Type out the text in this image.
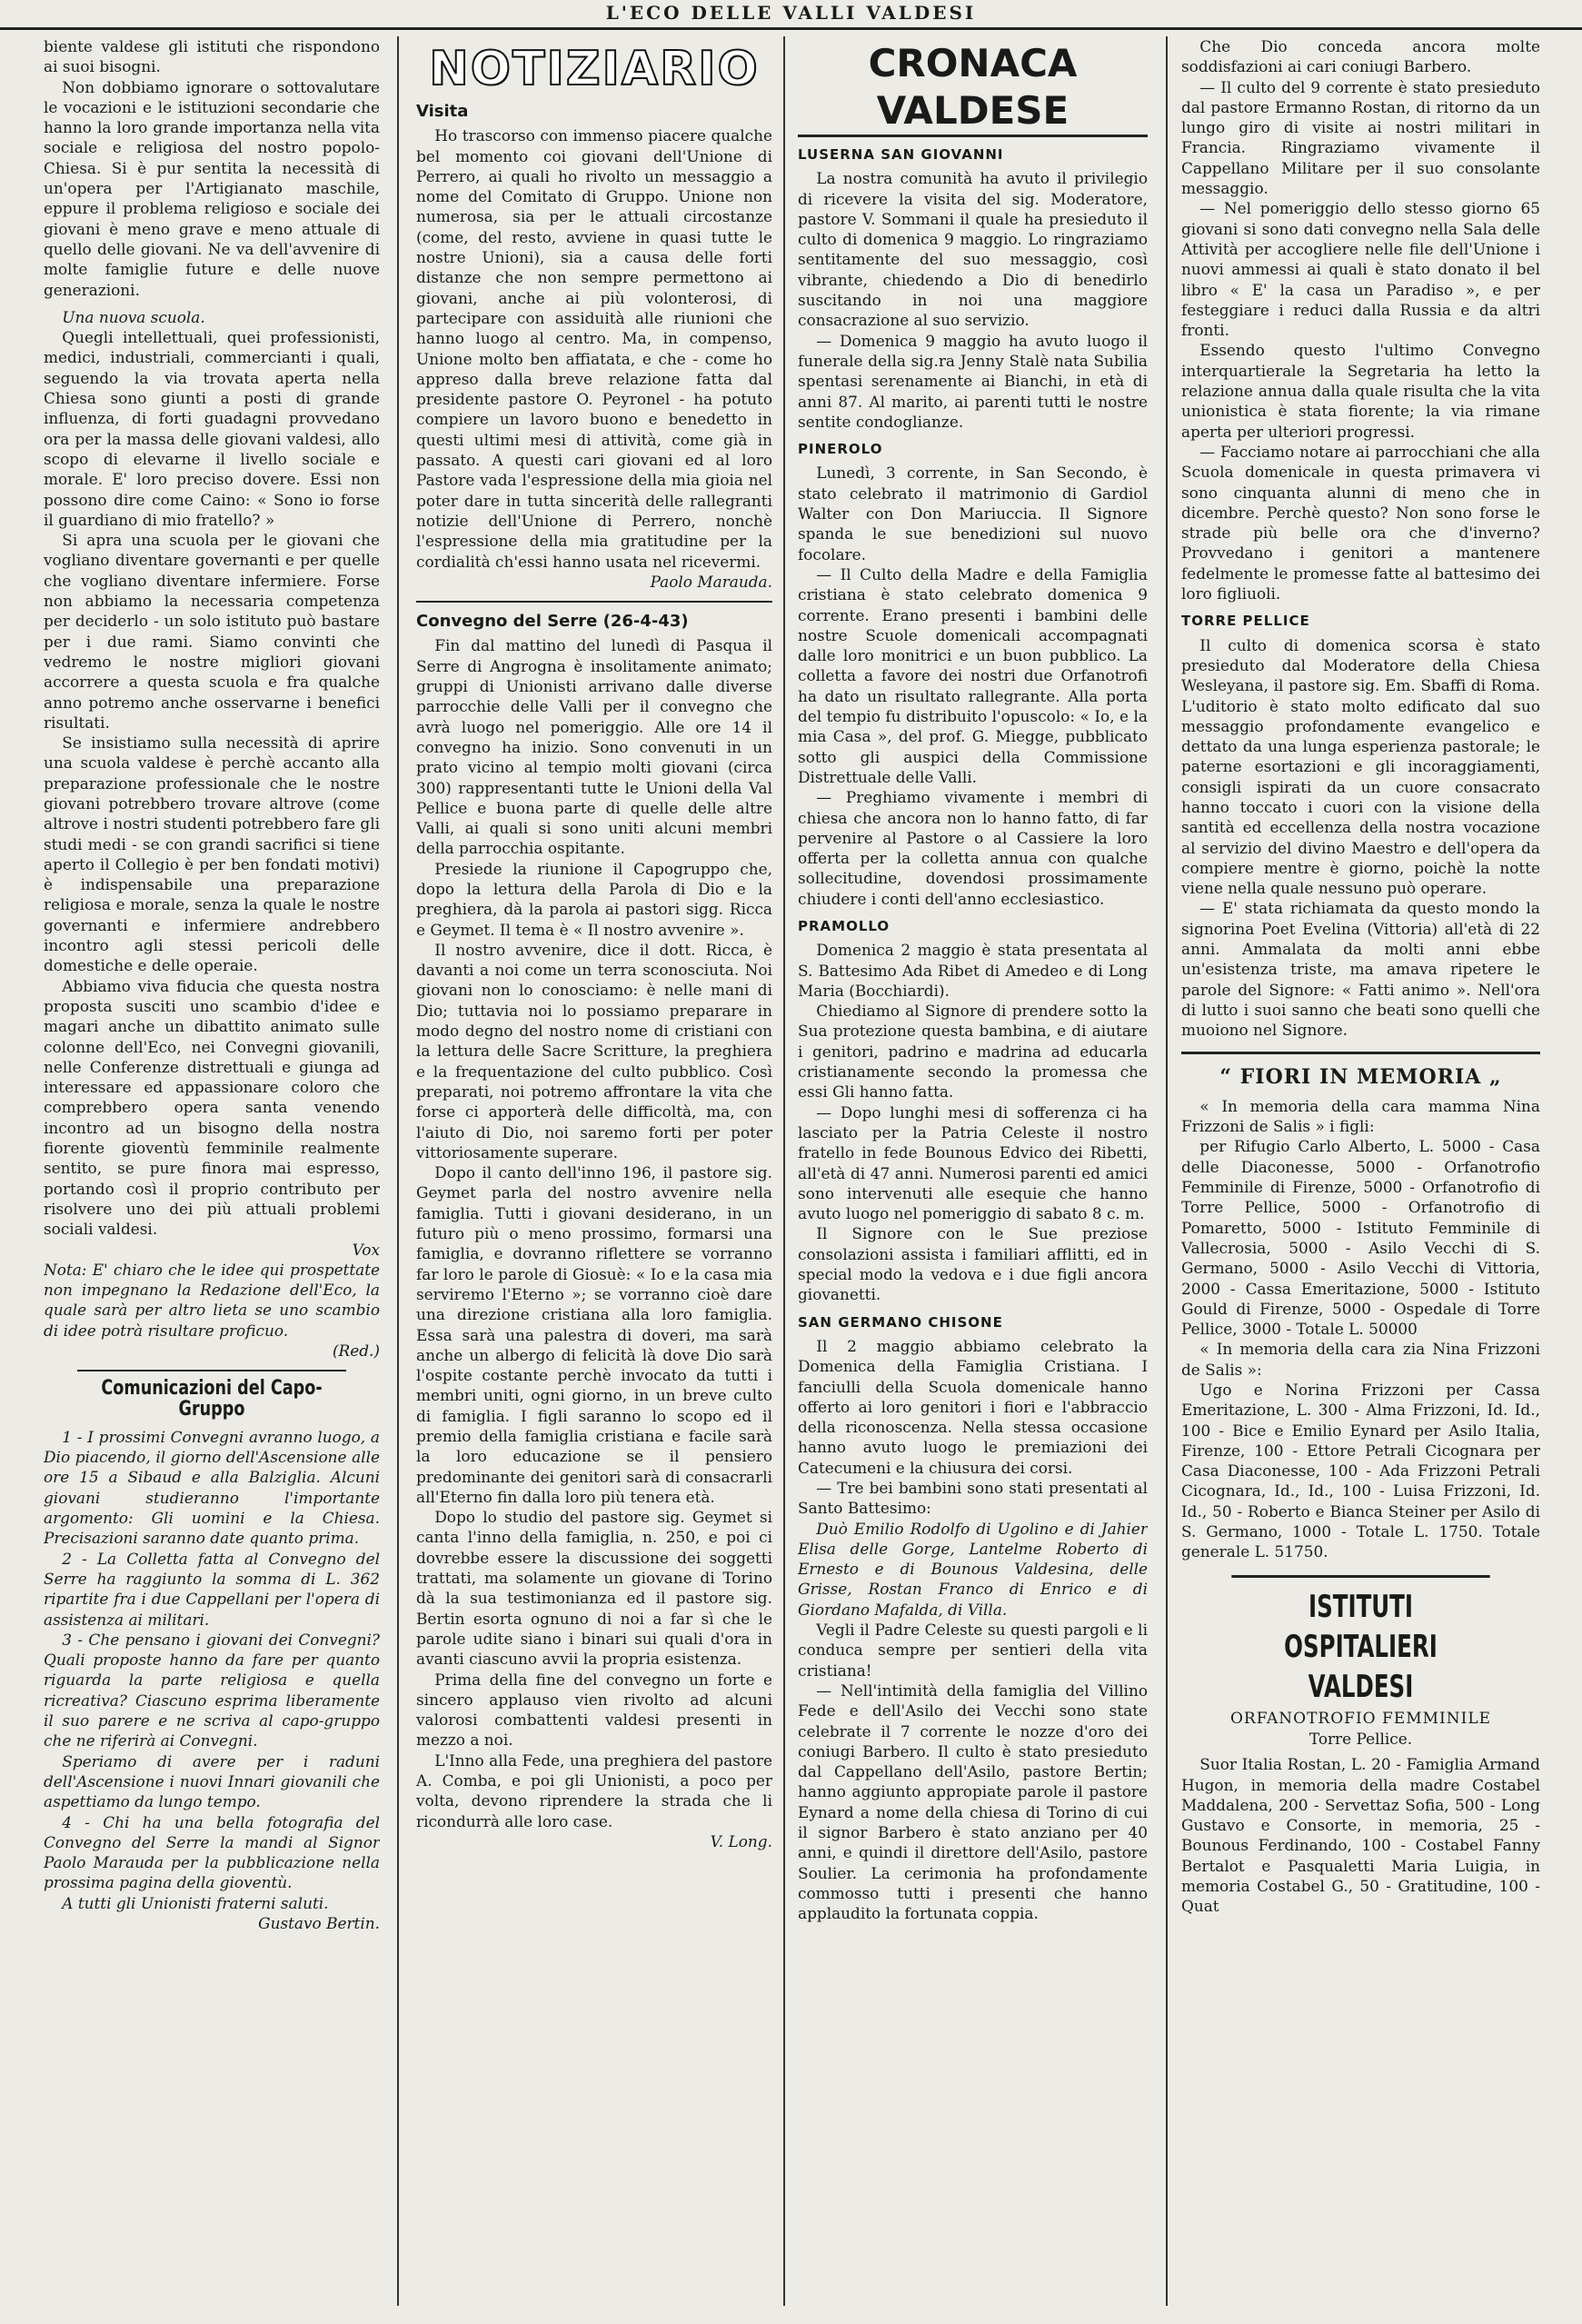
L'ECO DELLE VALLI VALDESI

biente valdese gli istituti che rispondono ai suoi bisogni.

Non dobbiamo ignorare o sottovalutare le vocazioni e le istituzioni secondarie che hanno la loro grande importanza nella vita sociale e religiosa del nostro popolo-Chiesa. Si è pur sentita la necessità di un'opera per l'Artigianato maschile, eppure il problema religioso e sociale dei giovani è meno grave e meno attuale di quello delle giovani. Ne va dell'avvenire di molte famiglie future e delle nuove generazioni.

Una nuova scuola.

Quegli intellettuali, quei professionisti, medici, industriali, commercianti i quali, seguendo la via trovata aperta nella Chiesa sono giunti a posti di grande influenza, di forti guadagni provvedano ora per la massa delle giovani valdesi, allo scopo di elevarne il livello sociale e morale. E' loro preciso dovere. Essi non possono dire come Caino: « Sono io forse il guardiano di mio fratello? »

Si apra una scuola per le giovani che vogliano diventare governanti e per quelle che vogliano diventare infermiere. Forse non abbiamo la necessaria competenza per deciderlo - un solo istituto può bastare per i due rami. Siamo convinti che vedremo le nostre migliori giovani accorrere a questa scuola e fra qualche anno potremo anche osservarne i benefici risultati.

Se insistiamo sulla necessità di aprire una scuola valdese è perchè accanto alla preparazione professionale che le nostre giovani potrebbero trovare altrove (come altrove i nostri studenti potrebbero fare gli studi medi - se con grandi sacrifici si tiene aperto il Collegio è per ben fondati motivi) è indispensabile una preparazione religiosa e morale, senza la quale le nostre governanti e infermiere andrebbero incontro agli stessi pericoli delle domestiche e delle operaie.

Abbiamo viva fiducia che questa nostra proposta susciti uno scambio d'idee e magari anche un dibattito animato sulle colonne dell'Eco, nei Convegni giovanili, nelle Conferenze distrettuali e giunga ad interessare ed appassionare coloro che comprebbero opera santa venendo incontro ad un bisogno della nostra fiorente gioventù femminile realmente sentito, se pure finora mai espresso, portando così il proprio contributo per risolvere uno dei più attuali problemi sociali valdesi.

Vox

Nota: E' chiaro che le idee qui prospettate non impegnano la Redazione dell'Eco, la quale sarà per altro lieta se uno scambio di idee potrà risultare proficuo.

(Red.)
Comunicazioni del Capo-Gruppo

1 - I prossimi Convegni avranno luogo, a Dio piacendo, il giorno dell'Ascensione alle ore 15 a Sibaud e alla Balziglia. Alcuni giovani studieranno l'importante argomento: Gli uomini e la Chiesa. Precisazioni saranno date quanto prima.

2 - La Colletta fatta al Convegno del Serre ha raggiunto la somma di L. 362 ripartite fra i due Cappellani per l'opera di assistenza ai militari.

3 - Che pensano i giovani dei Convegni? Quali proposte hanno da fare per quanto riguarda la parte religiosa e quella ricreativa? Ciascuno esprima liberamente il suo parere e ne scriva al capo-gruppo che ne riferirà ai Convegni.

Speriamo di avere per i raduni dell'Ascensione i nuovi Innari giovanili che aspettiamo da lungo tempo.

4 - Chi ha una bella fotografia del Convegno del Serre la mandi al Signor Paolo Marauda per la pubblicazione nella prossima pagina della gioventù.

A tutti gli Unionisti fraterni saluti.

Gustavo Bertin.
NOTIZIARIO
Visita

Ho trascorso con immenso piacere qualche bel momento coi giovani dell'Unione di Perrero, ai quali ho rivolto un messaggio a nome del Comitato di Gruppo. Unione non numerosa, sia per le attuali circostanze (come, del resto, avviene in quasi tutte le nostre Unioni), sia a causa delle forti distanze che non sempre permettono ai giovani, anche ai più volonterosi, di partecipare con assiduità alle riunioni che hanno luogo al centro. Ma, in compenso, Unione molto ben affiatata, e che - come ho appreso dalla breve relazione fatta dal presidente pastore O. Peyronel - ha potuto compiere un lavoro buono e benedetto in questi ultimi mesi di attività, come già in passato. A questi cari giovani ed al loro Pastore vada l'espressione della mia gioia nel poter dare in tutta sincerità delle rallegranti notizie dell'Unione di Perrero, nonchè l'espressione della mia gratitudine per la cordialità ch'essi hanno usata nel ricevermi.

Paolo Marauda.
Convegno del Serre (26-4-43)

Fin dal mattino del lunedì di Pasqua il Serre di Angrogna è insolitamente animato; gruppi di Unionisti arrivano dalle diverse parrocchie delle Valli per il convegno che avrà luogo nel pomeriggio. Alle ore 14 il convegno ha inizio. Sono convenuti in un prato vicino al tempio molti giovani (circa 300) rappresentanti tutte le Unioni della Val Pellice e buona parte di quelle delle altre Valli, ai quali si sono uniti alcuni membri della parrocchia ospitante.

Presiede la riunione il Capogruppo che, dopo la lettura della Parola di Dio e la preghiera, dà la parola ai pastori sigg. Ricca e Geymet. Il tema è « Il nostro avvenire ».

Il nostro avvenire, dice il dott. Ricca, è davanti a noi come un terra sconosciuta. Noi giovani non lo conosciamo: è nelle mani di Dio; tuttavia noi lo possiamo preparare in modo degno del nostro nome di cristiani con la lettura delle Sacre Scritture, la preghiera e la frequentazione del culto pubblico. Così preparati, noi potremo affrontare la vita che forse ci apporterà delle difficoltà, ma, con l'aiuto di Dio, noi saremo forti per poter vittoriosamente superare.

Dopo il canto dell'inno 196, il pastore sig. Geymet parla del nostro avvenire nella famiglia. Tutti i giovani desiderano, in un futuro più o meno prossimo, formarsi una famiglia, e dovranno riflettere se vorranno far loro le parole di Giosuè: « Io e la casa mia serviremo l'Eterno »; se vorranno cioè dare una direzione cristiana alla loro famiglia. Essa sarà una palestra di doveri, ma sarà anche un albergo di felicità là dove Dio sarà l'ospite costante perchè invocato da tutti i membri uniti, ogni giorno, in un breve culto di famiglia. I figli saranno lo scopo ed il premio della famiglia cristiana e facile sarà la loro educazione se il pensiero predominante dei genitori sarà di consacrarli all'Eterno fin dalla loro più tenera età.

Dopo lo studio del pastore sig. Geymet si canta l'inno della famiglia, n. 250, e poi ci dovrebbe essere la discussione dei soggetti trattati, ma solamente un giovane di Torino dà la sua testimonianza ed il pastore sig. Bertin esorta ognuno di noi a far sì che le parole udite siano i binari sui quali d'ora in avanti ciascuno avvii la propria esistenza.

Prima della fine del convegno un forte e sincero applauso vien rivolto ad alcuni valorosi combattenti valdesi presenti in mezzo a noi.

L'Inno alla Fede, una preghiera del pastore A. Comba, e poi gli Unionisti, a poco per volta, devono riprendere la strada che li ricondurrà alle loro case.

V. Long.
CRONACA VALDESE
LUSERNA SAN GIOVANNI

La nostra comunità ha avuto il privilegio di ricevere la visita del sig. Moderatore, pastore V. Sommani il quale ha presieduto il culto di domenica 9 maggio. Lo ringraziamo sentitamente del suo messaggio, così vibrante, chiedendo a Dio di benedirlo suscitando in noi una maggiore consacrazione al suo servizio.

— Domenica 9 maggio ha avuto luogo il funerale della sig.ra Jenny Stalè nata Subilia spentasi serenamente ai Bianchi, in età di anni 87. Al marito, ai parenti tutti le nostre sentite condoglianze.

PINEROLO

Lunedì, 3 corrente, in San Secondo, è stato celebrato il matrimonio di Gardiol Walter con Don Mariuccia. Il Signore spanda le sue benedizioni sul nuovo focolare.

— Il Culto della Madre e della Famiglia cristiana è stato celebrato domenica 9 corrente. Erano presenti i bambini delle nostre Scuole domenicali accompagnati dalle loro monitrici e un buon pubblico. La colletta a favore dei nostri due Orfanotrofi ha dato un risultato rallegrante. Alla porta del tempio fu distribuito l'opuscolo: « Io, e la mia Casa », del prof. G. Miegge, pubblicato sotto gli auspici della Commissione Distrettuale delle Valli.

— Preghiamo vivamente i membri di chiesa che ancora non lo hanno fatto, di far pervenire al Pastore o al Cassiere la loro offerta per la colletta annua con qualche sollecitudine, dovendosi prossimamente chiudere i conti dell'anno ecclesiastico.

PRAMOLLO

Domenica 2 maggio è stata presentata al S. Battesimo Ada Ribet di Amedeo e di Long Maria (Bocchiardi).

Chiediamo al Signore di prendere sotto la Sua protezione questa bambina, e di aiutare i genitori, padrino e madrina ad educarla cristianamente secondo la promessa che essi Gli hanno fatta.

— Dopo lunghi mesi di sofferenza ci ha lasciato per la Patria Celeste il nostro fratello in fede Bounous Edvico dei Ribetti, all'età di 47 anni. Numerosi parenti ed amici sono intervenuti alle esequie che hanno avuto luogo nel pomeriggio di sabato 8 c. m.

Il Signore con le Sue preziose consolazioni assista i familiari afflitti, ed in special modo la vedova e i due figli ancora giovanetti.

SAN GERMANO CHISONE

Il 2 maggio abbiamo celebrato la Domenica della Famiglia Cristiana. I fanciulli della Scuola domenicale hanno offerto ai loro genitori i fiori e l'abbraccio della riconoscenza. Nella stessa occasione hanno avuto luogo le premiazioni dei Catecumeni e la chiusura dei corsi.

— Tre bei bambini sono stati presentati al Santo Battesimo:

Duò Emilio Rodolfo di Ugolino e di Jahier Elisa delle Gorge, Lantelme Roberto di Ernesto e di Bounous Valdesina, delle Grisse, Rostan Franco di Enrico e di Giordano Mafalda, di Villa.

Vegli il Padre Celeste su questi pargoli e li conduca sempre per sentieri della vita cristiana!

— Nell'intimità della famiglia del Villino Fede e dell'Asilo dei Vecchi sono state celebrate il 7 corrente le nozze d'oro dei coniugi Barbero. Il culto è stato presieduto dal Cappellano dell'Asilo, pastore Bertin; hanno aggiunto appropiate parole il pastore Eynard a nome della chiesa di Torino di cui il signor Barbero è stato anziano per 40 anni, e quindi il direttore dell'Asilo, pastore Soulier. La cerimonia ha profondamente commosso tutti i presenti che hanno applaudito la fortunata coppia.

Che Dio conceda ancora molte soddisfazioni ai cari coniugi Barbero.

— Il culto del 9 corrente è stato presieduto dal pastore Ermanno Rostan, di ritorno da un lungo giro di visite ai nostri militari in Francia. Ringraziamo vivamente il Cappellano Militare per il suo consolante messaggio.

— Nel pomeriggio dello stesso giorno 65 giovani si sono dati convegno nella Sala delle Attività per accogliere nelle file dell'Unione i nuovi ammessi ai quali è stato donato il bel libro « E' la casa un Paradiso », e per festeggiare i reduci dalla Russia e da altri fronti.

Essendo questo l'ultimo Convegno interquartierale la Segretaria ha letto la relazione annua dalla quale risulta che la vita unionistica è stata fiorente; la via rimane aperta per ulteriori progressi.

— Facciamo notare ai parrocchiani che alla Scuola domenicale in questa primavera vi sono cinquanta alunni di meno che in dicembre. Perchè questo? Non sono forse le strade più belle ora che d'inverno? Provvedano i genitori a mantenere fedelmente le promesse fatte al battesimo dei loro figliuoli.

TORRE PELLICE

Il culto di domenica scorsa è stato presieduto dal Moderatore della Chiesa Wesleyana, il pastore sig. Em. Sbaffi di Roma. L'uditorio è stato molto edificato dal suo messaggio profondamente evangelico e dettato da una lunga esperienza pastorale; le paterne esortazioni e gli incoraggiamenti, consigli ispirati da un cuore consacrato hanno toccato i cuori con la visione della santità ed eccellenza della nostra vocazione al servizio del divino Maestro e dell'opera da compiere mentre è giorno, poichè la notte viene nella quale nessuno può operare.

— E' stata richiamata da questo mondo la signorina Poet Evelina (Vittoria) all'età di 22 anni. Ammalata da molti anni ebbe un'esistenza triste, ma amava ripetere le parole del Signore: « Fatti animo ». Nell'ora di lutto i suoi sanno che beati sono quelli che muoiono nel Signore.

“ FIORI IN MEMORIA „

« In memoria della cara mamma Nina Frizzoni de Salis » i figli:

per Rifugio Carlo Alberto, L. 5000 - Casa delle Diaconesse, 5000 - Orfanotrofio Femminile di Firenze, 5000 - Orfanotrofio di Torre Pellice, 5000 - Orfanotrofio di Pomaretto, 5000 - Istituto Femminile di Vallecrosia, 5000 - Asilo Vecchi di S. Germano, 5000 - Asilo Vecchi di Vittoria, 2000 - Cassa Emeritazione, 5000 - Istituto Gould di Firenze, 5000 - Ospedale di Torre Pellice, 3000 - Totale L. 50000

« In memoria della cara zia Nina Frizzoni de Salis »:

Ugo e Norina Frizzoni per Cassa Emeritazione, L. 300 - Alma Frizzoni, Id. Id., 100 - Bice e Emilio Eynard per Asilo Italia, Firenze, 100 - Ettore Petrali Cicognara per Casa Diaconesse, 100 - Ada Frizzoni Petrali Cicognara, Id., Id., 100 - Luisa Frizzoni, Id. Id., 50 - Roberto e Bianca Steiner per Asilo di S. Germano, 1000 - Totale L. 1750. Totale generale L. 51750.

ISTITUTI OSPITALIERI VALDESI

ORFANOTROFIO FEMMINILE

Torre Pellice.

Suor Italia Rostan, L. 20 - Famiglia Armand Hugon, in memoria della madre Costabel Maddalena, 200 - Servettaz Sofia, 500 - Long Gustavo e Consorte, in memoria, 25 - Bounous Ferdinando, 100 - Costabel Fanny Bertalot e Pasqualetti Maria Luigia, in memoria Costabel G., 50 - Gratitudine, 100 - Quat
